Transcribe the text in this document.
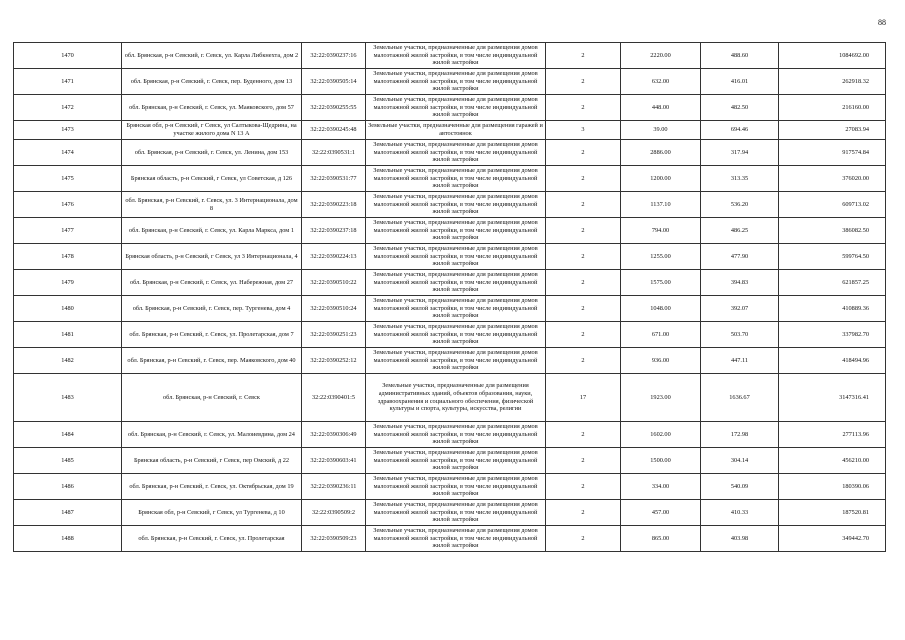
88
1470	обл. Брянская, р-н Севский, г. Севск, ул. Карла Либкнехта, дом 2	32:22:0390237:16	Земельные участки, предназначенные для размещения домов малоэтажной жилой застройки, в том числе индивидуальной жилой застройки	2	2220.00	488.60	1084692.00
1471	обл. Брянская, р-н Севский, г. Севск, пер. Буденного, дом 13	32:22:0390505:14	Земельные участки, предназначенные для размещения домов малоэтажной жилой застройки, в том числе индивидуальной жилой застройки	2	632.00	416.01	262918.32
1472	обл. Брянская, р-н Севский, г. Севск, ул. Маяковского, дом 57	32:22:0390255:55	Земельные участки, предназначенные для размещения домов малоэтажной жилой застройки, в том числе индивидуальной жилой застройки	2	448.00	482.50	216160.00
1473	Брянская обл, р-н Севский, г Севск, ул Салтыкова-Щедрина, на участке жилого дома N 13 А	32:22:0390245:48	Земельные участки, предназначенные для размещения гаражей и автостоянок	3	39.00	694.46	27083.94
1474	обл. Брянская, р-н Севский, г. Севск, ул. Ленина, дом 153	32:22:0390531:1	Земельные участки, предназначенные для размещения домов малоэтажной жилой застройки, в том числе индивидуальной жилой застройки	2	2886.00	317.94	917574.84
1475	Брянская область, р-н Севский, г Севск, ул Советская, д 126	32:22:0390531:77	Земельные участки, предназначенные для размещения домов малоэтажной жилой застройки, в том числе индивидуальной жилой застройки	2	1200.00	313.35	376020.00
1476	обл. Брянская, р-н Севский, г. Севск, ул. 3 Интернационала, дом 8	32:22:0390223:18	Земельные участки, предназначенные для размещения домов малоэтажной жилой застройки, в том числе индивидуальной жилой застройки	2	1137.10	536.20	609713.02
1477	обл. Брянская, р-н Севский, г. Севск, ул. Карла Маркса, дом 1	32:22:0390237:18	Земельные участки, предназначенные для размещения домов малоэтажной жилой застройки, в том числе индивидуальной жилой застройки	2	794.00	486.25	386082.50
1478	Брянская область, р-н Севский, г Севск, ул 3 Интернационала, 4	32:22:0390224:13	Земельные участки, предназначенные для размещения домов малоэтажной жилой застройки, в том числе индивидуальной жилой застройки	2	1255.00	477.90	599764.50
1479	обл. Брянская, р-н Севский, г. Севск, ул. Набережная, дом 27	32:22:0390510:22	Земельные участки, предназначенные для размещения домов малоэтажной жилой застройки, в том числе индивидуальной жилой застройки	2	1575.00	394.83	621857.25
1480	обл. Брянская, р-н Севский, г. Севск, пер. Тургенева, дом 4	32:22:0390510:24	Земельные участки, предназначенные для размещения домов малоэтажной жилой застройки, в том числе индивидуальной жилой застройки	2	1048.00	392.07	410889.36
1481	обл. Брянская, р-н Севский, г. Севск, ул. Пролетарская, дом 7	32:22:0390251:23	Земельные участки, предназначенные для размещения домов малоэтажной жилой застройки, в том числе индивидуальной жилой застройки	2	671.00	503.70	337982.70
1482	обл. Брянская, р-н Севский, г. Севск, пер. Маяковского, дом 40	32:22:0390252:12	Земельные участки, предназначенные для размещения домов малоэтажной жилой застройки, в том числе индивидуальной жилой застройки	2	936.00	447.11	418494.96
1483	обл. Брянская, р-н Севский, г. Севск	32:22:0390401:5	Земельные участки, предназначенные для размещения административных зданий, объектов образования, науки, здравоохранения и социального обеспечения, физической культуры и спорта, культуры, искусства, религии	17	1923.00	1636.67	3147316.41
1484	обл. Брянская, р-н Севский, г. Севск, ул. Малоиевдина, дом 24	32:22:0390306:49	Земельные участки, предназначенные для размещения домов малоэтажной жилой застройки, в том числе индивидуальной жилой застройки	2	1602.00	172.98	277113.96
1485	Брянская область, р-н Севский, г Севск, пер Омский, д 22	32:22:0390603:41	Земельные участки, предназначенные для размещения домов малоэтажной жилой застройки, в том числе индивидуальной жилой застройки	2	1500.00	304.14	456210.00
1486	обл. Брянская, р-н Севский, г. Севск, ул. Октябрьская, дом 19	32:22:0390236:11	Земельные участки, предназначенные для размещения домов малоэтажной жилой застройки, в том числе индивидуальной жилой застройки	2	334.00	540.09	180390.06
1487	Брянская обл, р-н Севский, г Севск, ул Тургенева, д 10	32:22:0390509:2	Земельные участки, предназначенные для размещения домов малоэтажной жилой застройки, в том числе индивидуальной жилой застройки	2	457.00	410.33	187520.81
1488	обл. Брянская, р-н Севский, г. Севск, ул. Пролетарская	32:22:0390509:23	Земельные участки, предназначенные для размещения домов малоэтажной жилой застройки, в том числе индивидуальной жилой застройки	2	865.00	403.98	349442.70
